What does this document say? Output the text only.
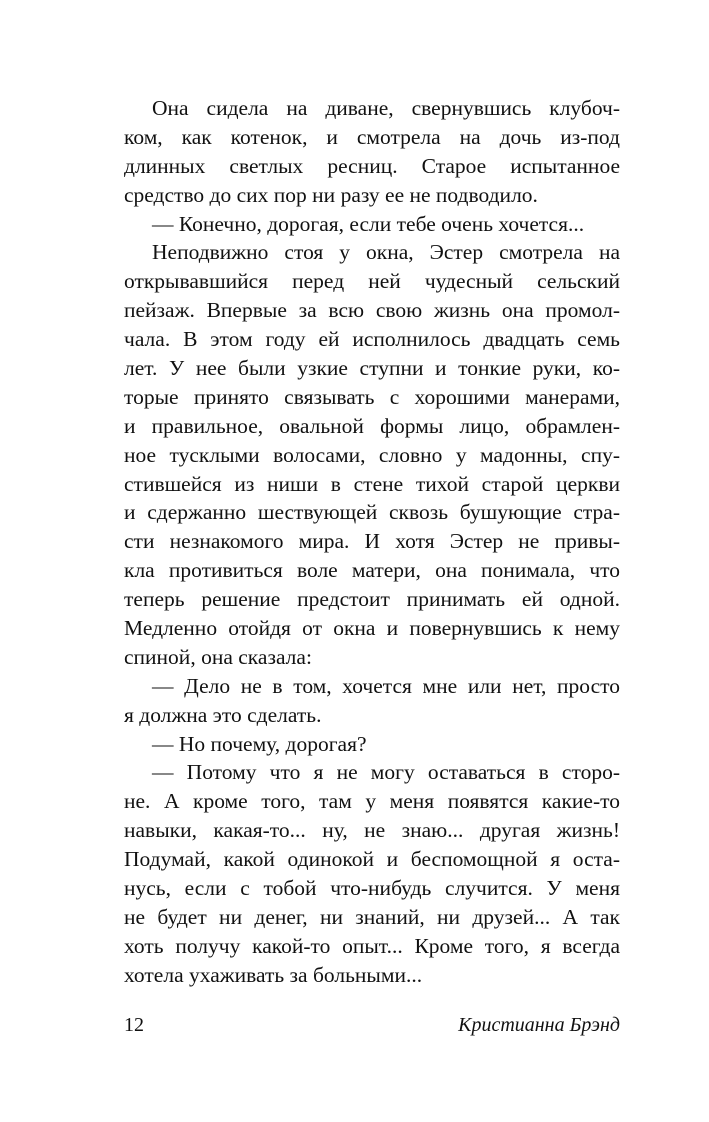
Она сидела на диване, свернувшись клубоч-
ком, как котенок, и смотрела на дочь из-под
длинных светлых ресниц. Старое испытанное
средство до сих пор ни разу ее не подводило.
— Конечно, дорогая, если тебе очень хочется...
Неподвижно стоя у окна, Эстер смотрела на
открывавшийся перед ней чудесный сельский
пейзаж. Впервые за всю свою жизнь она промол-
чала. В этом году ей исполнилось двадцать семь
лет. У нее были узкие ступни и тонкие руки, ко-
торые принято связывать с хорошими манерами,
и правильное, овальной формы лицо, обрамлен-
ное тусклыми волосами, словно у мадонны, спу-
стившейся из ниши в стене тихой старой церкви
и сдержанно шествующей сквозь бушующие стра-
сти незнакомого мира. И хотя Эстер не привы-
кла противиться воле матери, она понимала, что
теперь решение предстоит принимать ей одной.
Медленно отойдя от окна и повернувшись к нему
спиной, она сказала:
— Дело не в том, хочется мне или нет, просто
я должна это сделать.
— Но почему, дорогая?
— Потому что я не могу оставаться в сторо-
не. А кроме того, там у меня появятся какие-то
навыки, какая-то... ну, не знаю... другая жизнь!
Подумай, какой одинокой и беспомощной я оста-
нусь, если с тобой что-нибудь случится. У меня
не будет ни денег, ни знаний, ни друзей... А так
хоть получу какой-то опыт... Кроме того, я всегда
хотела ухаживать за больными...
12	Кристианна Брэнд
